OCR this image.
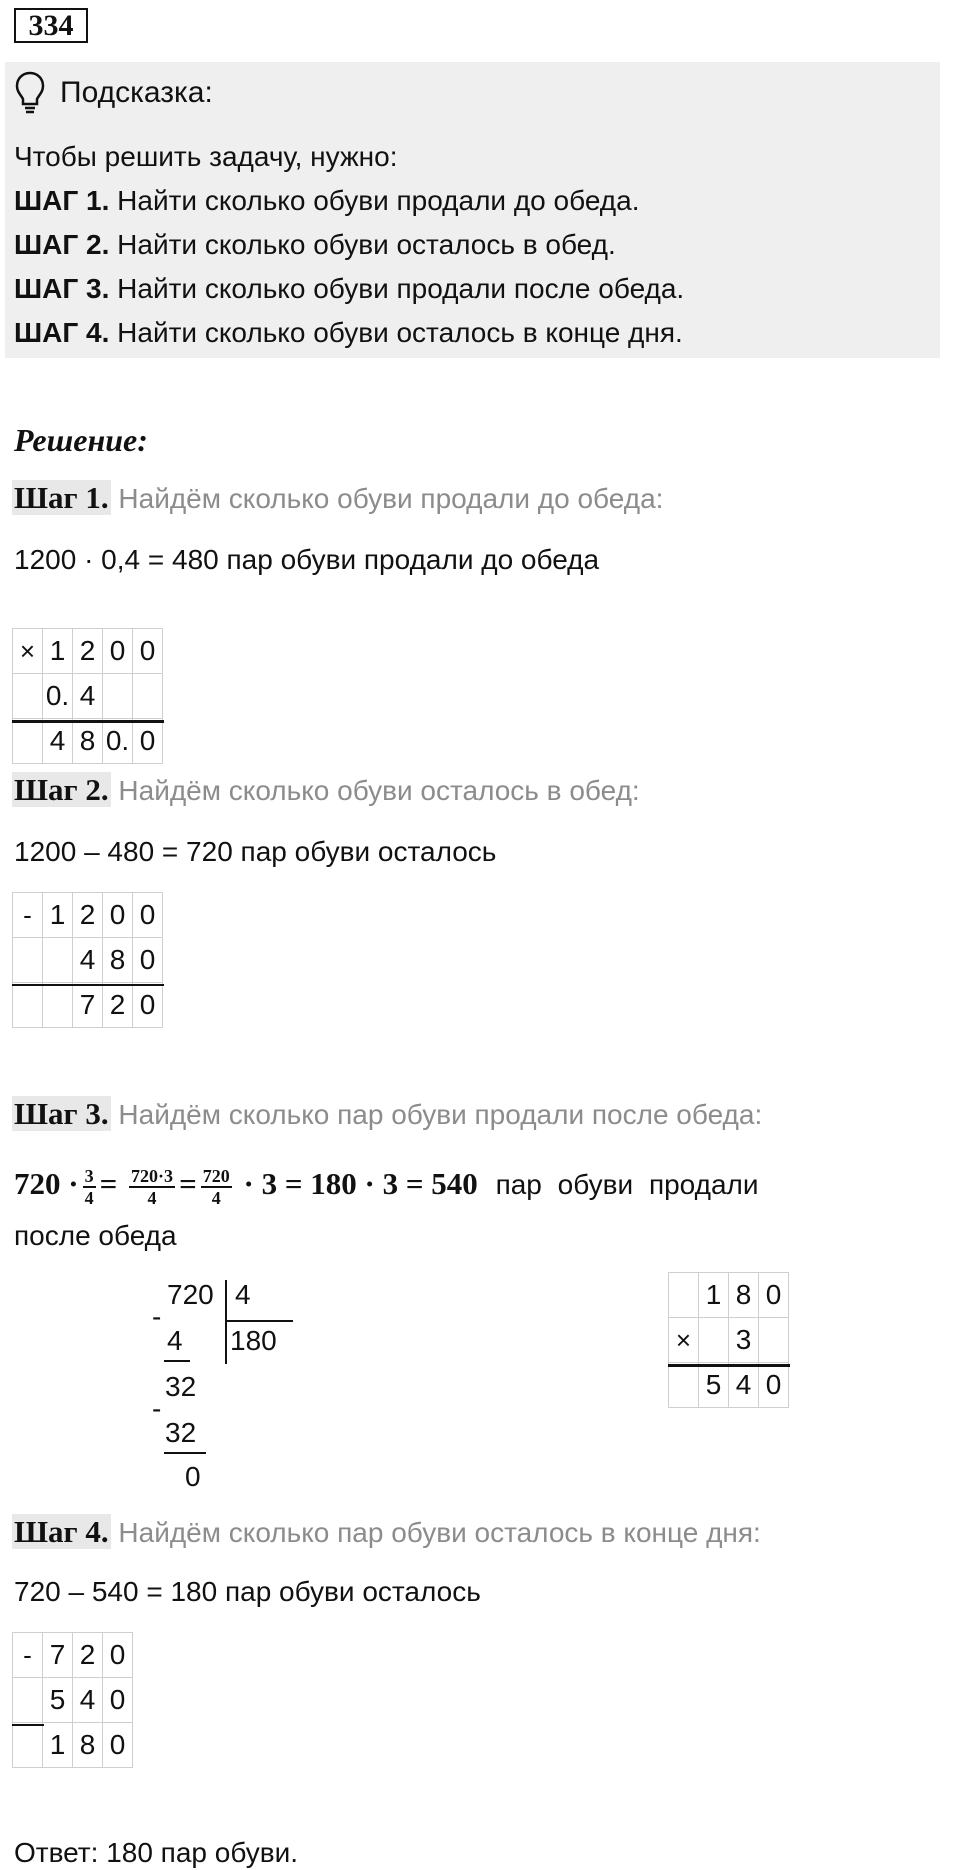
334
Подсказка:
Чтобы решить задачу, нужно:
ШАГ 1. Найти сколько обуви продали до обеда.
ШАГ 2. Найти сколько обуви осталось в обед.
ШАГ 3. Найти сколько обуви продали после обеда.
ШАГ 4. Найти сколько обуви осталось в конце дня.
Решение:
Шаг 1. Найдём сколько обуви продали до обеда:
1200 · 0,4 = 480 пар обуви продали до обеда
×	1	2	0	0
	0.	4		
	4	8	0.	0
Шаг 2. Найдём сколько обуви осталось в обед:
1200 – 480 = 720 пар обуви осталось
-	1	2	0	0
		4	8	0
		7	2	0
Шаг 3. Найдём сколько пар обуви продали после обеда:
$720 \cdot \frac{3}{4} = \frac{720\cdot 3}{4} = \frac{720}{4} \cdot 3 = 180 \cdot 3 = 540$ пар обуви продали
после обеда
720 4
180
-
4
32
-
32
0
	1	8	0
×		3	
	5	4	0
Шаг 4. Найдём сколько пар обуви осталось в конце дня:
720 – 540 = 180 пар обуви осталось
-	7	2	0
	5	4	0
	1	8	0
Ответ: 180 пар обуви.
